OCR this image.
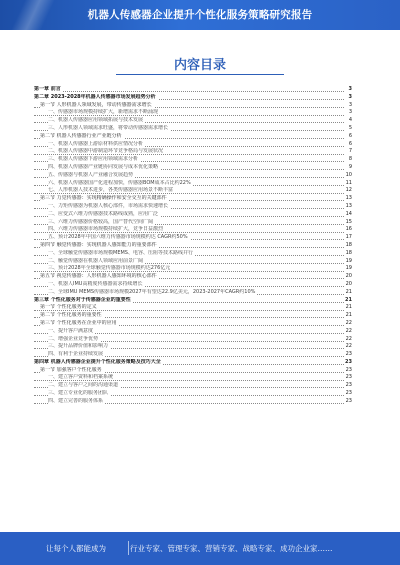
机器人传感器企业提升个性化服务策略研究报告
内容目录
第一章 前言	3
第二章 2023-2028年机器人传感器市场发展趋势分析	3
第一节 人形机器人领域发展，带动传感器需求增长	3
一、传感器市场规模持续扩大，新增需求不断涌现	3
二、机器人传感器应用领域拓展与技术发展	4
三、人形机器人领域需求旺盛，将带动传感器需求增长	5
第二节 机器人传感器行业产业链分析	6
一、机器人传感器上游原材料供应情况分析	6
二、机器人传感器中游制造环节竞争格局与发展状况	7
三、机器人传感器下游应用领域需求分析	8
四、机器人传感器产业链协同发展与成本优化策略	9
五、传感器与机器人产业融合发展趋势	10
六、机器人传感器国产化进程加快，传感器BOM成本占比约22%	11
七、人形机器人技术进步，各类传感器应用场景不断丰富	12
第三节 力觉传感器：实现精确操作和安全交互的关键部件	13
一、力矩传感器为机器人核心部件，市场需求快速增长	13
二、应变式六维力传感器技术路线成熟，应用广泛	14
三、六维力传感器价格较高，国产替代空间广阔	15
四、六维力传感器市场规模持续扩大，竞争日益激烈	16
五、预计2028年中国六维力传感器市场规模约达 CAGR约50%	17
第四节 触觉传感器：实现机器人感知能力的重要部件	18
一、全球触觉传感器市场规模MEMS、电容、压阻等技术路线并行	18
二、触觉传感器在机器人领域应用前景广阔	19
三、预计2028年全球触觉传感器市场规模约达276亿元	19
第五节 视觉传感器：人形机器人感知环境的核心部件	20
一、机器人IMU高精度传感器需求持续增长	20
二、全球IMU MEMS传感器市场规模2027年有望达22.9亿美元，2023-2027年CAGR约10%	21
第三章 个性化服务对于传感器企业的重要性	21
第一节 个性化服务的定义	21
第二节 个性化服务的重要性	21
第三节 个性化服务在企业中的应用	22
一、提升客户满意度	22
二、增强企业竞争优势	22
三、提升品牌价值和影响力	22
四、有利于企业持续发展	23
第四章 机器人传感器企业提升个性化服务策略及技巧大全	23
第一节 加强客户个性化服务	23
一、建立客户资料和档案系统	23
二、建立与客户之间的沟通渠道	23
三、建立专业化的服务团队	23
四、建立完善的服务体系	23
让每个人都能成为	行业专家、管理专家、营销专家、战略专家、成功企业家……
